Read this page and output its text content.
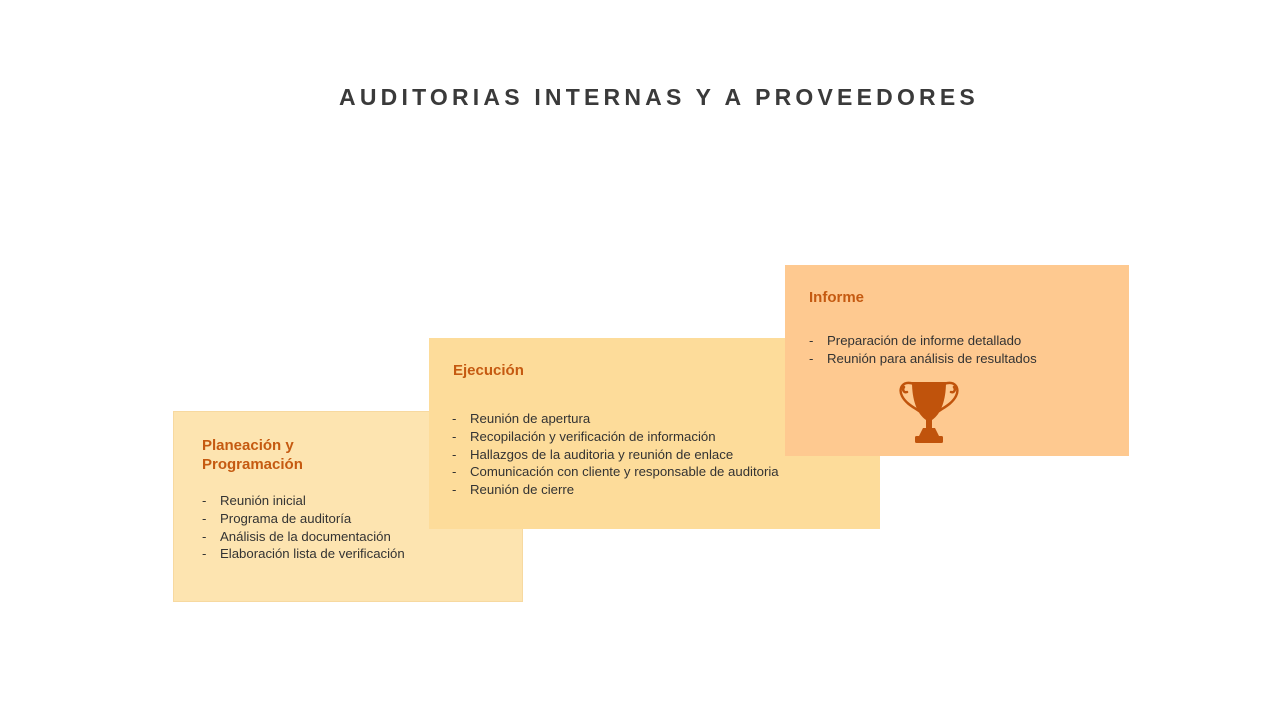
AUDITORIAS INTERNAS Y A PROVEEDORES
Planeación y Programación
- Reunión inicial
- Programa de auditoría
- Análisis de la documentación
- Elaboración lista de verificación
Ejecución
- Reunión de apertura
- Recopilación y verificación de información
- Hallazgos de la auditoria y reunión de enlace
- Comunicación con cliente y responsable de auditoria
- Reunión de cierre
Informe
- Preparación de informe detallado
- Reunión para análisis de resultados
